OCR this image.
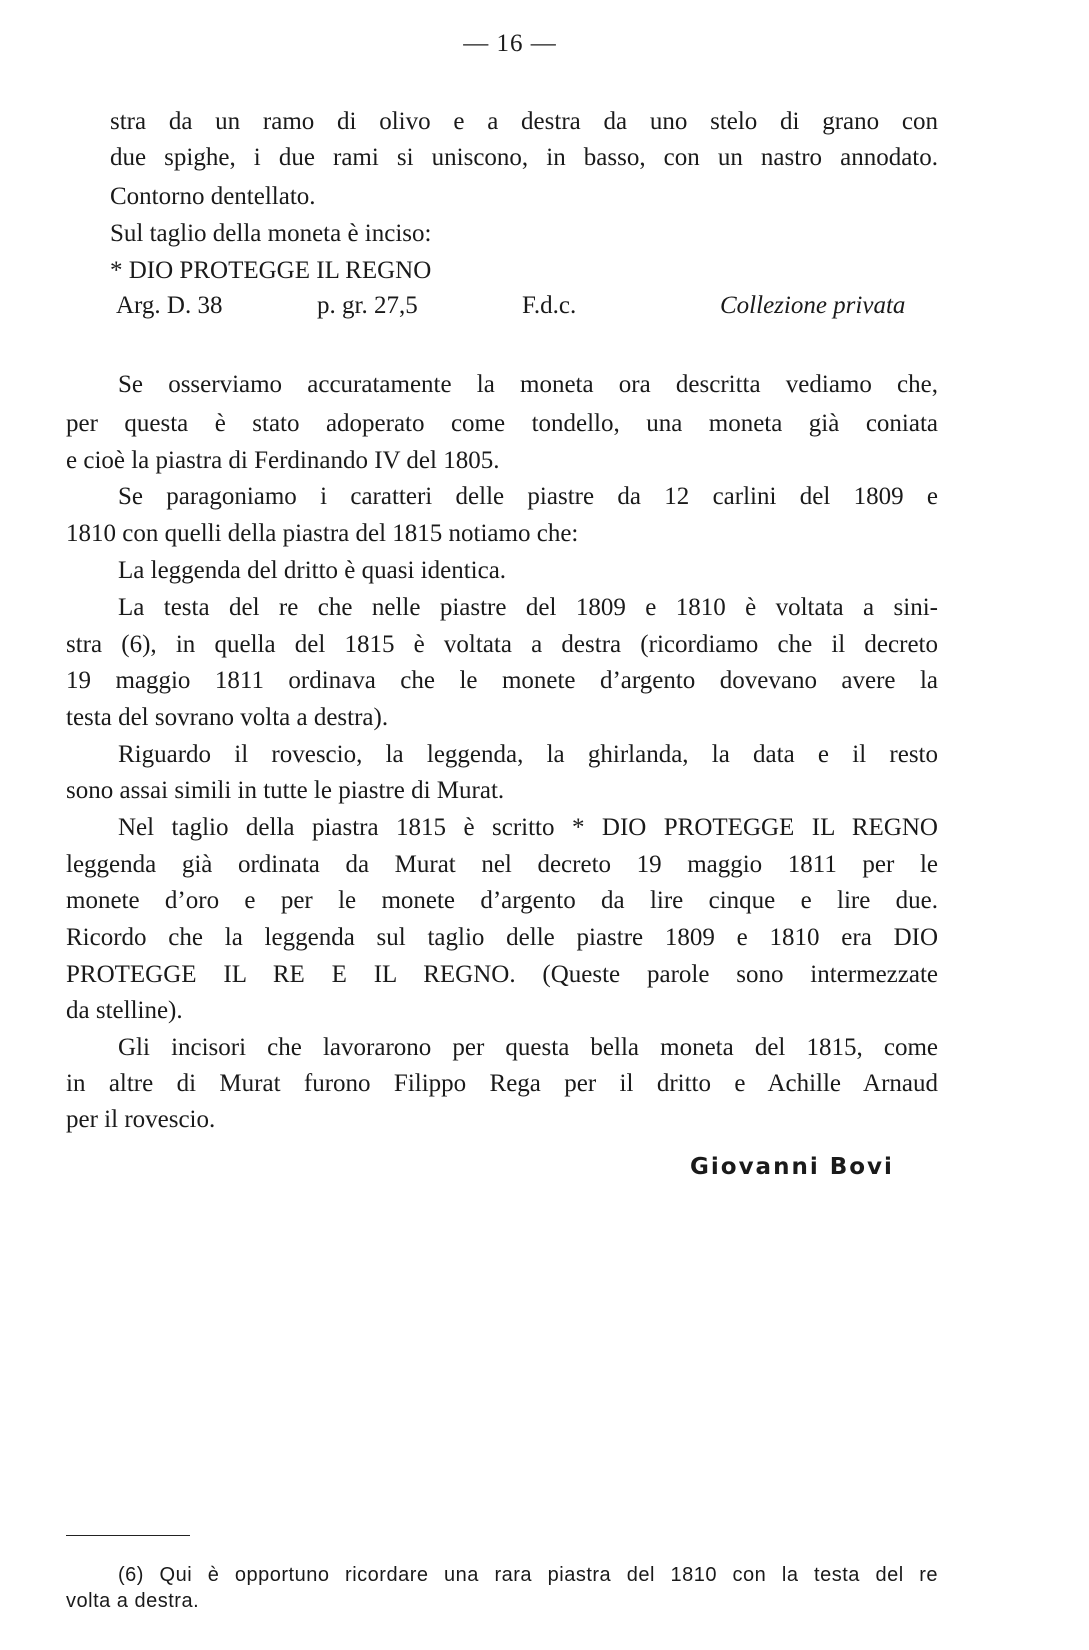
— 16 —
stra da un ramo di olivo e a destra da uno stelo di grano con
due spighe, i due rami si uniscono, in basso, con un nastro annodato.
Contorno dentellato.
Sul taglio della moneta è inciso:
* DIO PROTEGGE IL REGNO
Arg. D. 38	p. gr. 27,5	F.d.c.	Collezione privata
Se osserviamo accuratamente la moneta ora descritta vediamo che,
per questa è stato adoperato come tondello, una moneta già coniata
e cioè la piastra di Ferdinando IV del 1805.
Se paragoniamo i caratteri delle piastre da 12 carlini del 1809 e
1810 con quelli della piastra del 1815 notiamo che:
La leggenda del dritto è quasi identica.
La testa del re che nelle piastre del 1809 e 1810 è voltata a sini-
stra (6), in quella del 1815 è voltata a destra (ricordiamo che il decreto
19 maggio 1811 ordinava che le monete d’argento dovevano avere la
testa del sovrano volta a destra).
Riguardo il rovescio, la leggenda, la ghirlanda, la data e il resto
sono assai simili in tutte le piastre di Murat.
Nel taglio della piastra 1815 è scritto * DIO PROTEGGE IL REGNO
leggenda già ordinata da Murat nel decreto 19 maggio 1811 per le
monete d’oro e per le monete d’argento da lire cinque e lire due.
Ricordo che la leggenda sul taglio delle piastre 1809 e 1810 era DIO
PROTEGGE IL RE E IL REGNO. (Queste parole sono intermezzate
da stelline).
Gli incisori che lavorarono per questa bella moneta del 1815, come
in altre di Murat furono Filippo Rega per il dritto e Achille Arnaud
per il rovescio.
Giovanni Bovi
(6) Qui è opportuno ricordare una rara piastra del 1810 con la testa del re
volta a destra.
